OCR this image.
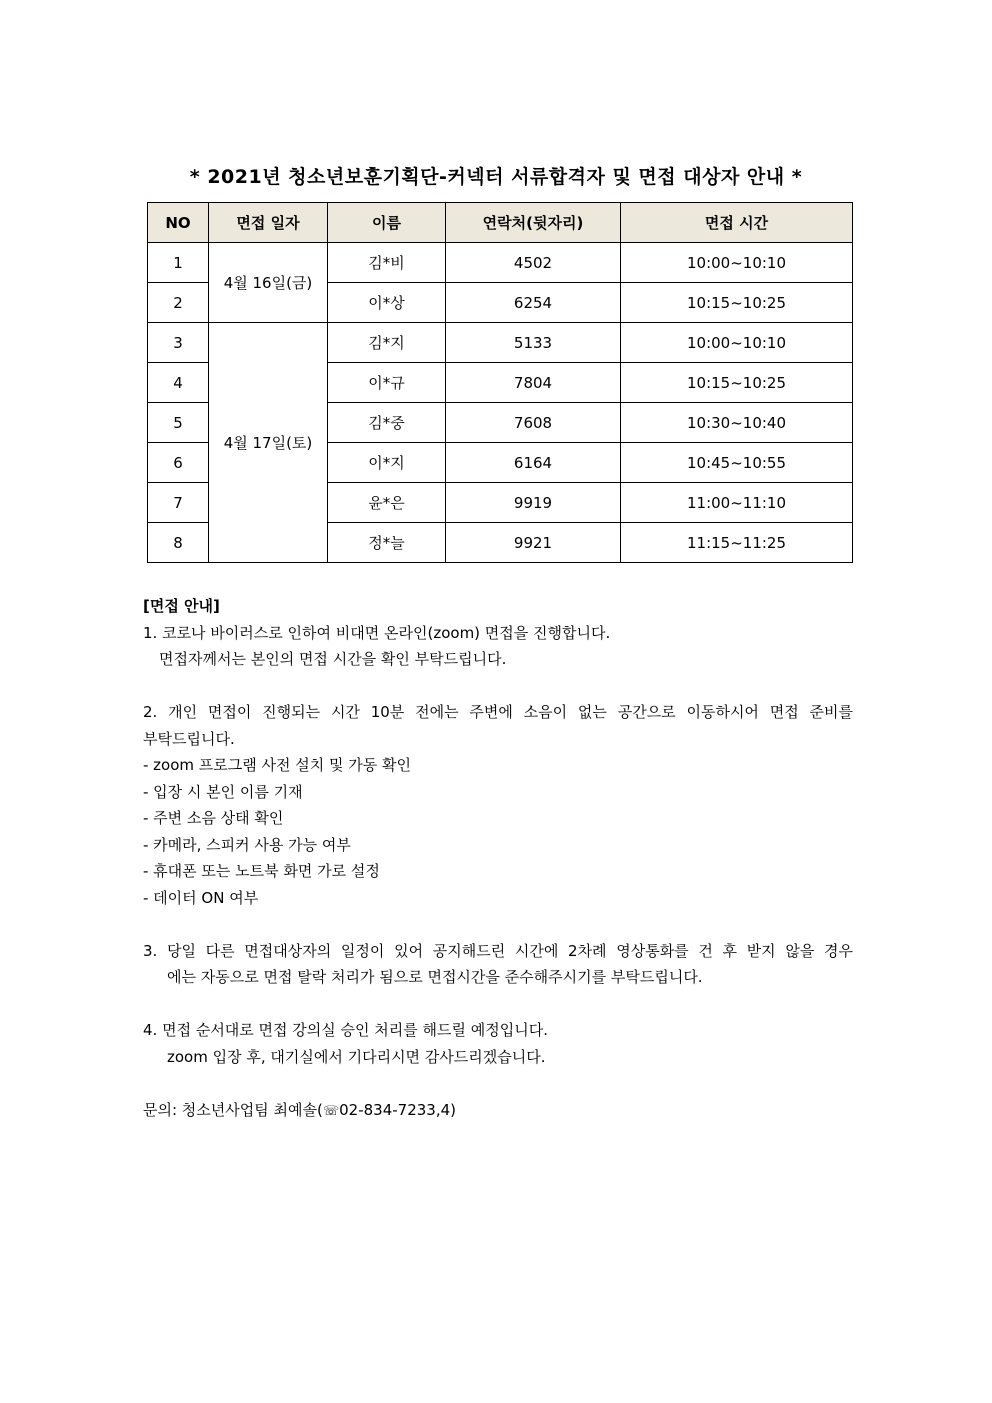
* 2021년 청소년보훈기획단-커넥터 서류합격자 및 면접 대상자 안내 *
NO	면접 일자	이름	연락처(뒷자리)	면접 시간
1	4월 16일(금)	김*비	4502	10:00~10:10
2		이*상	6254	10:15~10:25
3	4월 17일(토)	김*지	5133	10:00~10:10
4		이*규	7804	10:15~10:25
5		김*중	7608	10:30~10:40
6		이*지	6164	10:45~10:55
7		윤*은	9919	11:00~11:10
8		정*늘	9921	11:15~11:25

[면접 안내]

1. 코로나 바이러스로 인하여 비대면 온라인(zoom) 면접을 진행합니다.

면접자께서는 본인의 면접 시간을 확인 부탁드립니다.

2. 개인 면접이 진행되는 시간 10분 전에는 주변에 소음이 없는 공간으로 이동하시어 면접 준비를

부탁드립니다.

- zoom 프로그램 사전 설치 및 가동 확인

- 입장 시 본인 이름 기재

- 주변 소음 상태 확인

- 카메라, 스피커 사용 가능 여부

- 휴대폰 또는 노트북 화면 가로 설정

- 데이터 ON 여부

3. 당일 다른 면접대상자의 일정이 있어 공지해드린 시간에 2차례 영상통화를 건 후 받지 않을 경우

에는 자동으로 면접 탈락 처리가 됨으로 면접시간을 준수해주시기를 부탁드립니다.

4. 면접 순서대로 면접 강의실 승인 처리를 해드릴 예정입니다.

zoom 입장 후, 대기실에서 기다리시면 감사드리겠습니다.

문의: 청소년사업팀 최예솔(☏02-834-7233,4)
